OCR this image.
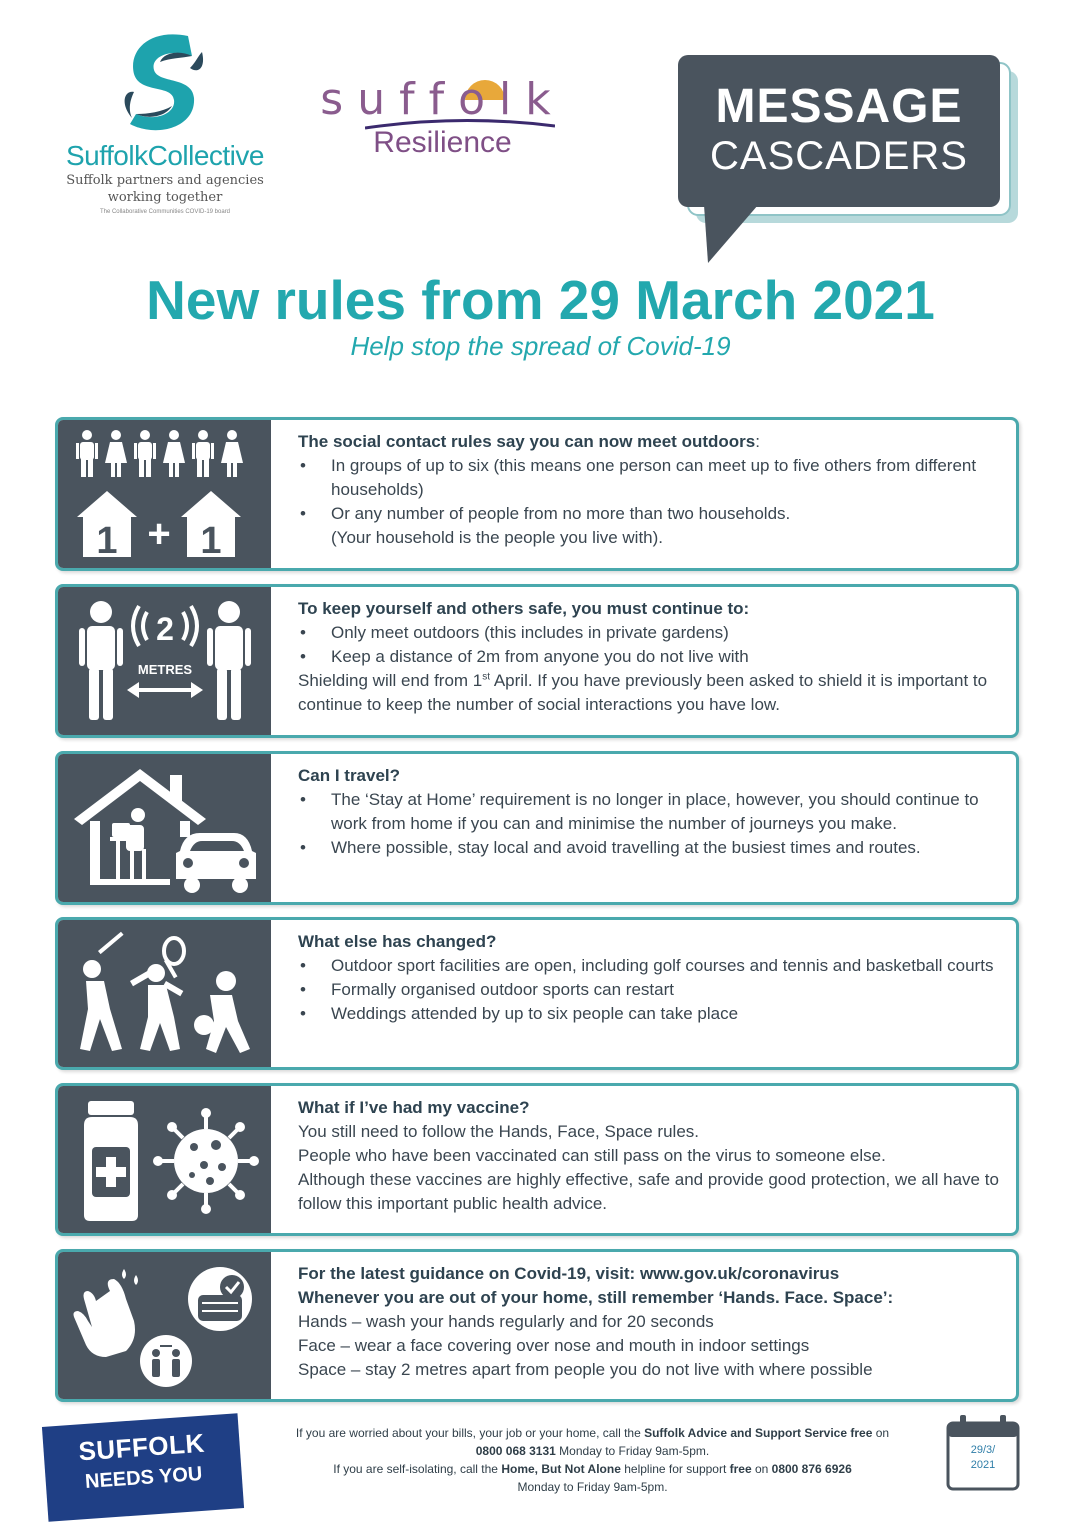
SuffolkCollective
Suffolk partners and agencies
working together
The Collaborative Communities COVID-19 board
suffolk
Resilience
MESSAGE
CASCADERS
New rules from 29 March 2021
Help stop the spread of Covid-19
1 + 1
The social contact rules say you can now meet outdoors:
• In groups of up to six (this means one person can meet up to five others from different households)
• Or any number of people from no more than two households.
(Your household is the people you live with).
2
METRES
To keep yourself and others safe, you must continue to:
• Only meet outdoors (this includes in private gardens)
• Keep a distance of 2m from anyone you do not live with
Shielding will end from 1st April. If you have previously been asked to shield it is important to continue to keep the number of social interactions you have low.
Can I travel?
• The ‘Stay at Home’ requirement is no longer in place, however, you should continue to work from home if you can and minimise the number of journeys you make.
• Where possible, stay local and avoid travelling at the busiest times and routes.
What else has changed?
• Outdoor sport facilities are open, including golf courses and tennis and basketball courts
• Formally organised outdoor sports can restart
• Weddings attended by up to six people can take place
What if I’ve had my vaccine?
You still need to follow the Hands, Face, Space rules.
People who have been vaccinated can still pass on the virus to someone else.
Although these vaccines are highly effective, safe and provide good protection, we all have to follow this important public health advice.
For the latest guidance on Covid-19, visit: www.gov.uk/coronavirus
Whenever you are out of your home, still remember ‘Hands. Face. Space’:
Hands – wash your hands regularly and for 20 seconds
Face – wear a face covering over nose and mouth in indoor settings
Space – stay 2 metres apart from people you do not live with where possible
SUFFOLK
NEEDS YOU
If you are worried about your bills, your job or your home, call the Suffolk Advice and Support Service free on
0800 068 3131 Monday to Friday 9am-5pm.
If you are self-isolating, call the Home, But Not Alone helpline for support free on 0800 876 6926
Monday to Friday 9am-5pm.
29/3/
2021
